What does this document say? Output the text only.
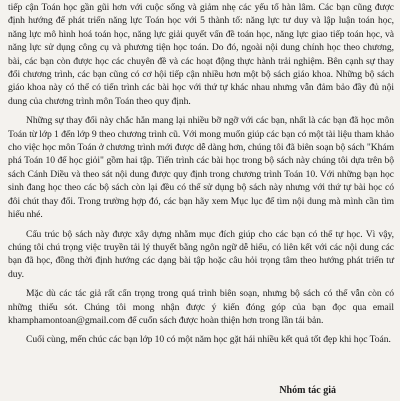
tiếp cận Toán học gần gũi hơn với cuộc sống và giảm nhẹ các yếu tố hàn lâm. Các bạn cũng được định hướng để phát triển năng lực Toán học với 5 thành tố: năng lực tư duy và lập luận toán học, năng lực mô hình hoá toán học, năng lực giải quyết vấn đề toán học, năng lực giao tiếp toán học, và năng lực sử dụng công cụ và phương tiện học toán. Do đó, ngoài nội dung chính học theo chương, bài, các bạn còn được học các chuyên đề và các hoạt động thực hành trải nghiệm. Bên cạnh sự thay đổi chương trình, các bạn cũng có cơ hội tiếp cận nhiều hơn một bộ sách giáo khoa. Những bộ sách giáo khoa này có thể có tiến trình các bài học với thứ tự khác nhau nhưng vẫn đảm bảo đầy đủ nội dung của chương trình môn Toán theo quy định.

Những sự thay đổi này chắc hẳn mang lại nhiều bỡ ngỡ với các bạn, nhất là các bạn đã học môn Toán từ lớp 1 đến lớp 9 theo chương trình cũ. Với mong muốn giúp các bạn có một tài liệu tham khảo cho việc học môn Toán ở chương trình mới được dễ dàng hơn, chúng tôi đã biên soạn bộ sách "Khám phá Toán 10 để học giỏi" gồm hai tập. Tiến trình các bài học trong bộ sách này chúng tôi dựa trên bộ sách Cánh Diều và theo sát nội dung được quy định trong chương trình Toán 10. Với những bạn học sinh đang học theo các bộ sách còn lại đều có thể sử dụng bộ sách này nhưng với thứ tự bài học có đôi chút thay đổi. Trong trường hợp đó, các bạn hãy xem Mục lục để tìm nội dung mà mình cần tìm hiểu nhé.

Cấu trúc bộ sách này được xây dựng nhằm mục đích giúp cho các bạn có thể tự học. Vì vậy, chúng tôi chú trọng việc truyền tải lý thuyết bằng ngôn ngữ dễ hiểu, có liên kết với các nội dung các bạn đã học, đồng thời định hướng các dạng bài tập hoặc câu hỏi trọng tâm theo hướng phát triển tư duy.

Mặc dù các tác giả rất cẩn trọng trong quá trình biên soạn, nhưng bộ sách có thể vẫn còn có những thiếu sót. Chúng tôi mong nhận được ý kiến đóng góp của bạn đọc qua email khamphamontoan@gmail.com để cuốn sách được hoàn thiện hơn trong lần tái bản.

Cuối cùng, mến chúc các bạn lớp 10 có một năm học gặt hái nhiều kết quả tốt đẹp khi học Toán.

Nhóm tác giả
